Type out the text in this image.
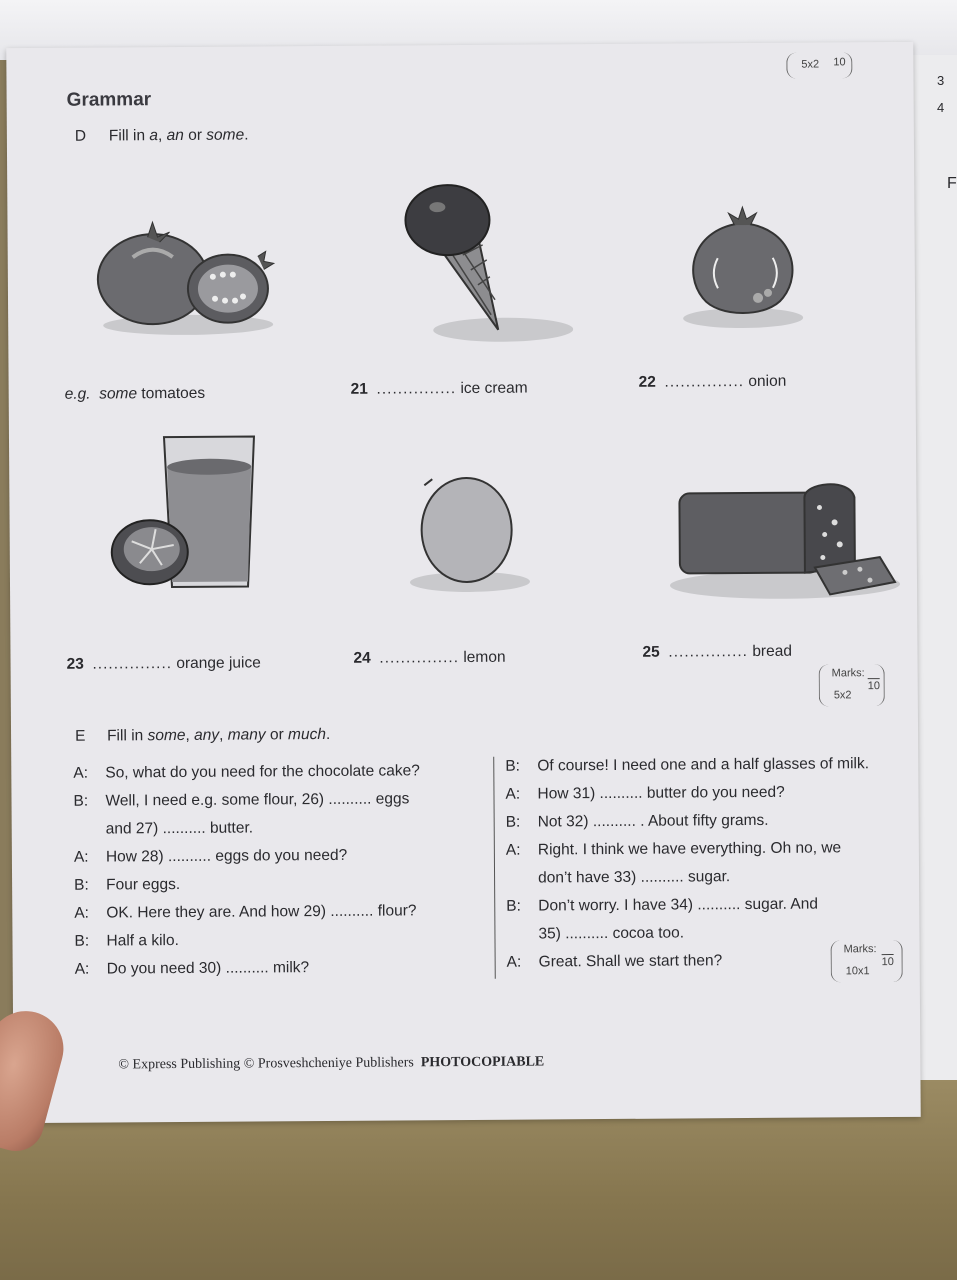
3
4
F
5x2 10
Grammar
D Fill in a, an or some.
e.g. some tomatoes	21 ............... ice cream	22 ............... onion
23 ............... orange juice	24 ............... lemon	25 ............... bread
Marks:
10
5x2
E Fill in some, any, many or much.
A: So, what do you need for the chocolate cake?
B: Well, I need e.g. some flour, 26) .......... eggs
and 27) .......... butter.
A: How 28) .......... eggs do you need?
B: Four eggs.
A: OK. Here they are. And how 29) .......... flour?
B: Half a kilo.
A: Do you need 30) .......... milk?
B: Of course! I need one and a half glasses of milk.
A: How 31) .......... butter do you need?
B: Not 32) .......... . About fifty grams.
A: Right. I think we have everything. Oh no, we
don’t have 33) .......... sugar.
B: Don’t worry. I have 34) .......... sugar. And
35) .......... cocoa too.
A: Great. Shall we start then?
Marks:
10
10x1
© Express Publishing © Prosveshcheniye Publishers PHOTOCOPIABLE
